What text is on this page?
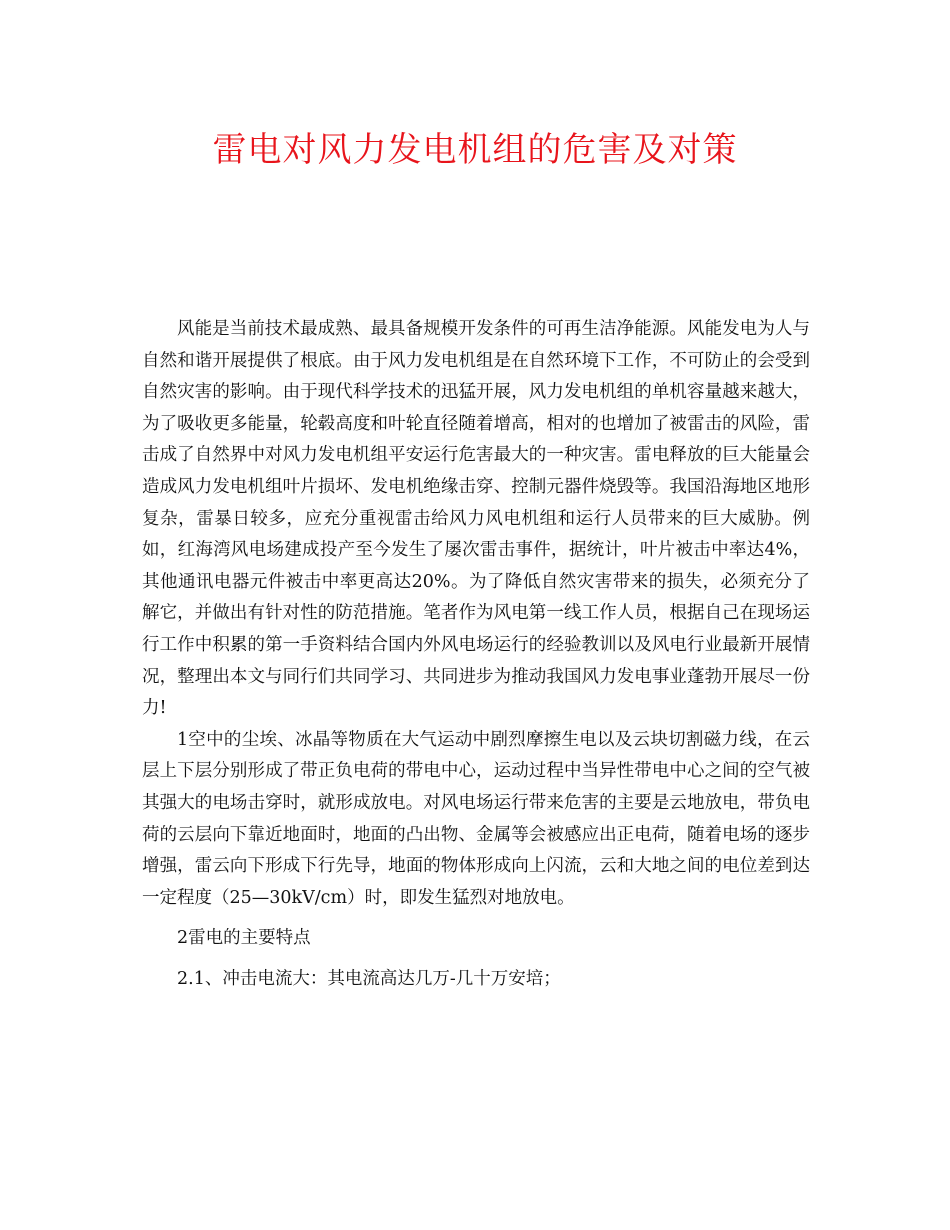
雷电对风力发电机组的危害及对策

风能是当前技术最成熟、最具备规模开发条件的可再生洁净能源。风能发电为人与自然和谐开展提供了根底。由于风力发电机组是在自然环境下工作，不可防止的会受到自然灾害的影响。由于现代科学技术的迅猛开展，风力发电机组的单机容量越来越大，为了吸收更多能量，轮毂高度和叶轮直径随着增高，相对的也增加了被雷击的风险，雷击成了自然界中对风力发电机组平安运行危害最大的一种灾害。雷电释放的巨大能量会造成风力发电机组叶片损坏、发电机绝缘击穿、控制元器件烧毁等。我国沿海地区地形复杂，雷暴日较多，应充分重视雷击给风力风电机组和运行人员带来的巨大威胁。例如，红海湾风电场建成投产至今发生了屡次雷击事件，据统计，叶片被击中率达4%，其他通讯电器元件被击中率更高达20%。为了降低自然灾害带来的损失，必须充分了解它，并做出有针对性的防范措施。笔者作为风电第一线工作人员，根据自己在现场运行工作中积累的第一手资料结合国内外风电场运行的经验教训以及风电行业最新开展情况，整理出本文与同行们共同学习、共同进步为推动我国风力发电事业蓬勃开展尽一份力!

1空中的尘埃、冰晶等物质在大气运动中剧烈摩擦生电以及云块切割磁力线，在云层上下层分别形成了带正负电荷的带电中心，运动过程中当异性带电中心之间的空气被其强大的电场击穿时，就形成放电。对风电场运行带来危害的主要是云地放电，带负电荷的云层向下靠近地面时，地面的凸出物、金属等会被感应出正电荷，随着电场的逐步增强，雷云向下形成下行先导，地面的物体形成向上闪流，云和大地之间的电位差到达一定程度（25—30kV/cm）时，即发生猛烈对地放电。

2雷电的主要特点

2.1、冲击电流大：其电流高达几万-几十万安培；
